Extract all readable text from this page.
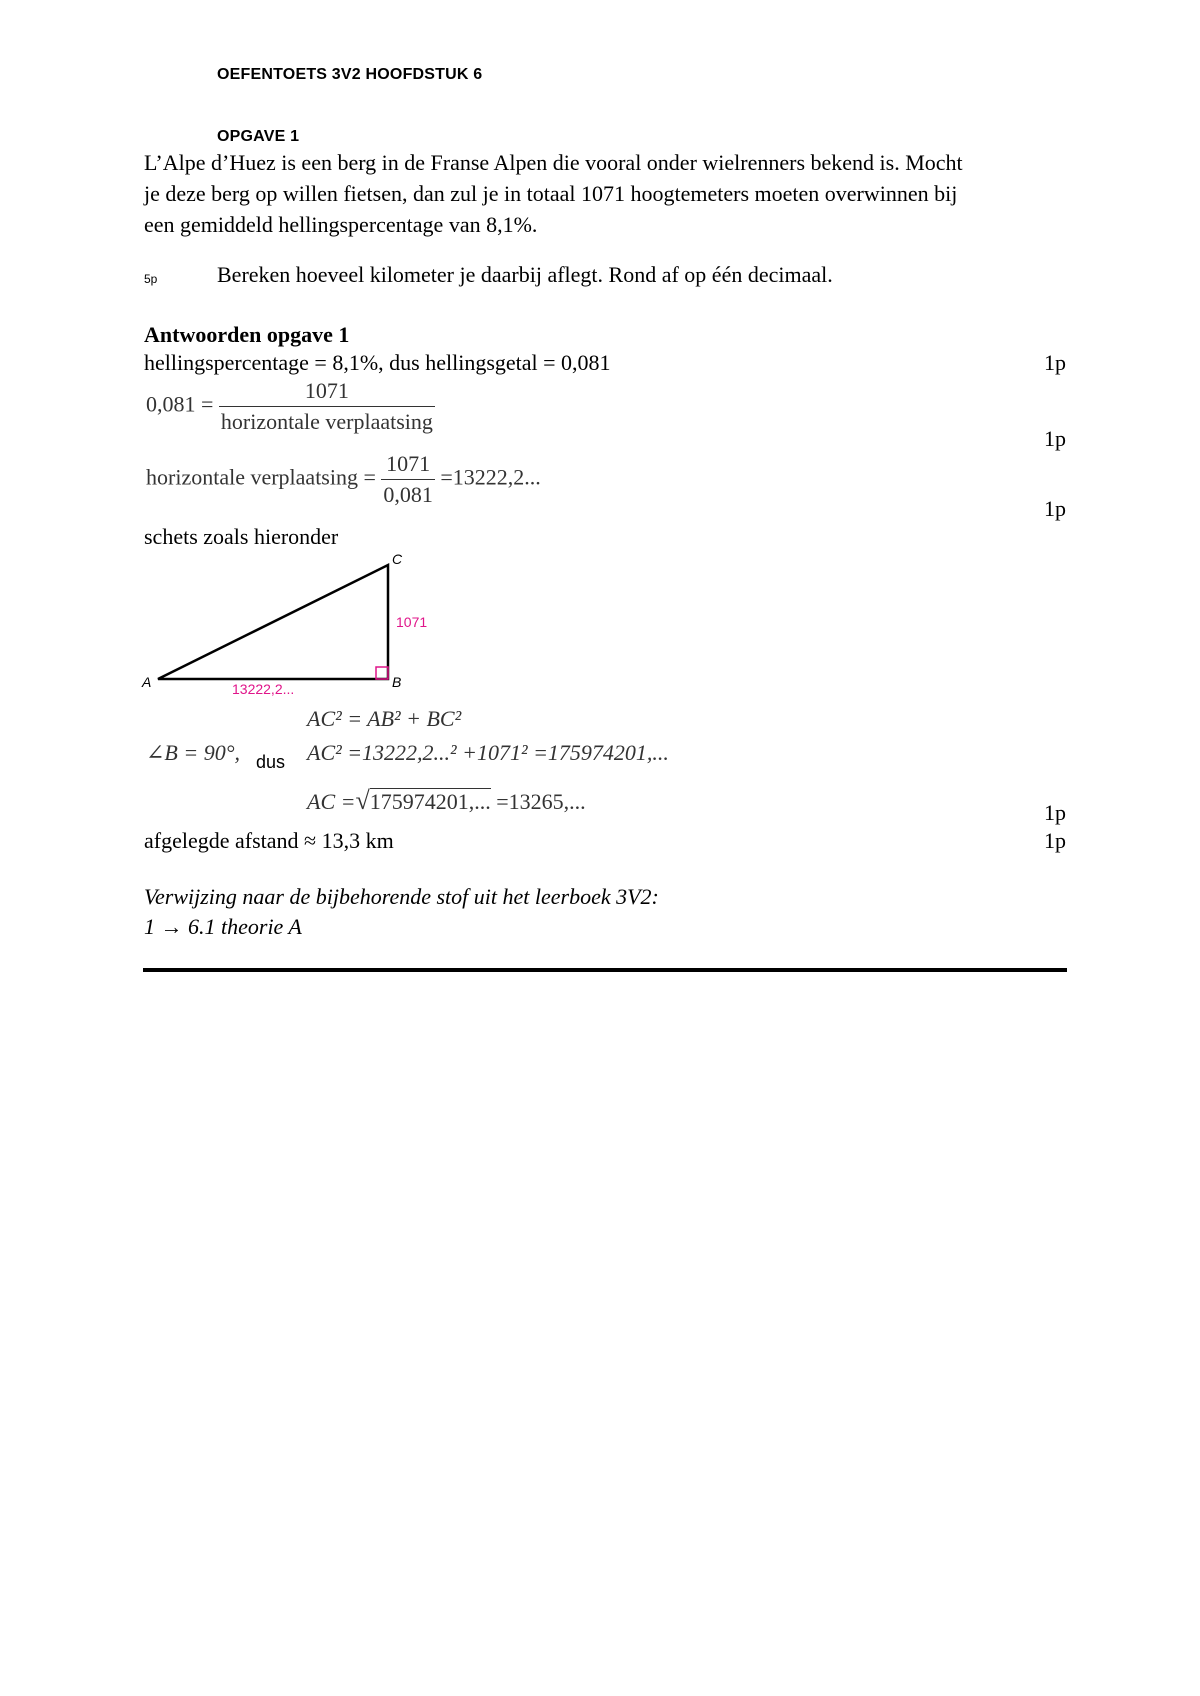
OEFENTOETS 3V2 HOOFDSTUK 6
OPGAVE 1
L’Alpe d’Huez is een berg in de Franse Alpen die vooral onder wielrenners bekend is. Mocht
je deze berg op willen fietsen, dan zul je in totaal 1071 hoogtemeters moeten overwinnen bij
een gemiddeld hellingspercentage van 8,1%.
5p	Bereken hoeveel kilometer je daarbij aflegt. Rond af op één decimaal.
Antwoorden opgave 1
hellingspercentage = 8,1%, dus hellingsgetal = 0,081	1p
$0,081 = \frac{1071}{\text{horizontale verplaatsing}}$
1p
horizontale verplaatsing = $\frac{1071}{0,081} =13222,2$...
1p
schets zoals hieronder
A	B
C
1071
13222,2...
AC² = AB² + BC²
∠B = 90°, dus AC² =13222,2...² +1071² =175974201,...
AC =√175974201,... =13265,...	1p
afgelegde afstand ≈ 13,3 km	1p
Verwijzing naar de bijbehorende stof uit het leerboek 3V2:
1 → 6.1 theorie A
